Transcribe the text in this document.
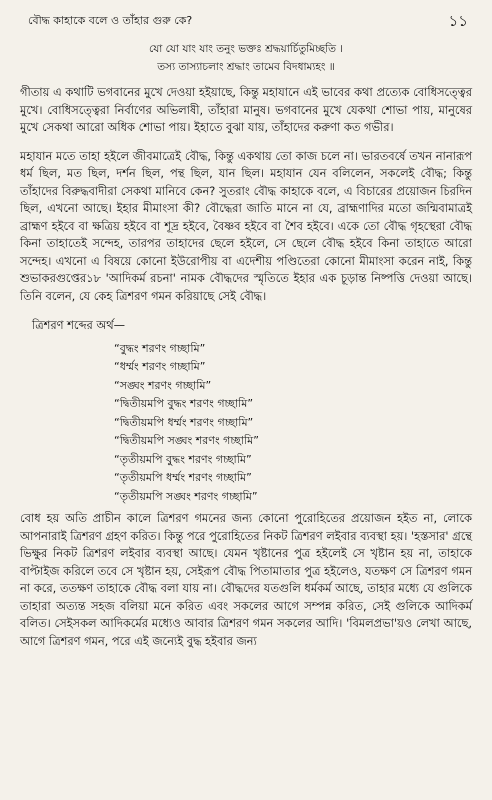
বৌদ্ধ কাহাকে বলে ও তাঁহার গুরু কে?	১১
যো যো যাং যাং তনুং ভক্তঃ শ্রদ্ধয়ার্চিতুমিচ্ছতি ।
তস্য তাস্যাচলাং শ্রদ্ধাং তামেব বিদধাম্যহং ॥

গীতায় এ কথাটি ভগবানের মুখে দেওয়া হইয়াছে, কিন্তু মহাযানে এই ভাবের কথা প্রত্যেক বোধিসত্ত্বের মুখে। বোধিসত্ত্বেরা নির্বাণের অভিলাষী, তাঁহারা মানুষ। ভগবানের মুখে যেকথা শোভা পায়, মানুষের মুখে সেকথা আরো অধিক শোভা পায়। ইহাতে বুঝা যায়, তাঁহাদের করুণা কত গভীর।

মহাযান মতে তাহা হইলে জীবমাত্রেই বৌদ্ধ, কিন্তু একথায় তো কাজ চলে না। ভারতবর্ষে তখন নানারূপ ধর্ম ছিল, মত ছিল, দর্শন ছিল, পন্থ ছিল, যান ছিল। মহাযান যেন বলিলেন, সকলেই বৌদ্ধ; কিন্তু তাঁহাদের বিরুদ্ধবাদীরা সেকথা মানিবে কেন? সুতরাং বৌদ্ধ কাহাকে বলে, এ বিচারের প্রয়োজন চিরদিন ছিল, এখনো আছে। ইহার মীমাংসা কী? বৌদ্ধেরা জাতি মানে না যে, ব্রাহ্মণাদির মতো জন্মিবামাত্রই ব্রাহ্মণ হইবে বা ক্ষত্রিয় হইবে বা শূদ্র হইবে, বৈষ্ণব হইবে বা শৈব হইবে। একে তো বৌদ্ধ গৃহস্থেরা বৌদ্ধ কিনা তাহাতেই সন্দেহ, তারপর তাহাদের ছেলে হইলে, সে ছেলে বৌদ্ধ হইবে কিনা তাহাতে আরো সন্দেহ। এখনো এ বিষয়ে কোনো ইউরোপীয় বা এদেশীয় পণ্ডিতেরা কোনো মীমাংসা করেন নাই, কিন্তু শুভাকরগুপ্তের১৮ 'আদিকর্ম রচনা' নামক বৌদ্ধদের স্মৃতিতে ইহার এক চূড়ান্ত নিষ্পত্তি দেওয়া আছে। তিনি বলেন, যে কেহ ত্রিশরণ গমন করিয়াছে সেই বৌদ্ধ।

ত্রিশরণ শব্দের অর্থ—
“বুদ্ধং শরণং গচ্ছামি”
“ধর্ম্মং শরণং গচ্ছামি”
“সঙ্ঘং শরণং গচ্ছামি”
“দ্বিতীয়মপি বুদ্ধং শরণং গচ্ছামি”
“দ্বিতীয়মপি ধর্ম্মং শরণং গচ্ছামি”
“দ্বিতীয়মপি সঙ্ঘং শরণং গচ্ছামি”
“তৃতীয়মপি বুদ্ধং শরণং গচ্ছামি”
“তৃতীয়মপি ধর্ম্মং শরণং গচ্ছামি”
“তৃতীয়মপি সঙ্ঘং শরণং গচ্ছামি”

বোধ হয় অতি প্রাচীন কালে ত্রিশরণ গমনের জন্য কোনো পুরোহিতের প্রয়োজন হইত না, লোকে আপনারাই ত্রিশরণ গ্রহণ করিত। কিন্তু পরে পুরোহিতের নিকট ত্রিশরণ লইবার ব্যবস্থা হয়। 'হস্তসার' গ্রন্থে ভিক্ষুর নিকট ত্রিশরণ লইবার ব্যবস্থা আছে। যেমন খৃষ্টানের পুত্র হইলেই সে খৃষ্টান হয় না, তাহাকে বাপ্টাইজ করিলে তবে সে খৃষ্টান হয়, সেইরূপ বৌদ্ধ পিতামাতার পুত্র হইলেও, যতক্ষণ সে ত্রিশরণ গমন না করে, ততক্ষণ তাহাকে বৌদ্ধ বলা যায় না। বৌদ্ধদের যতগুলি ধর্মকর্ম আছে, তাহার মধ্যে যে গুলিকে তাহারা অত্যন্ত সহজ বলিয়া মনে করিত এবং সকলের আগে সম্পন্ন করিত, সেই গুলিকে আদিকর্ম বলিত। সেইসকল আদিকর্মের মধ্যেও আবার ত্রিশরণ গমন সকলের আদি। 'বিমলপ্রভা'য়ও লেখা আছে, আগে ত্রিশরণ গমন, পরে এই জন্যেই বুদ্ধ হইবার জন্য
